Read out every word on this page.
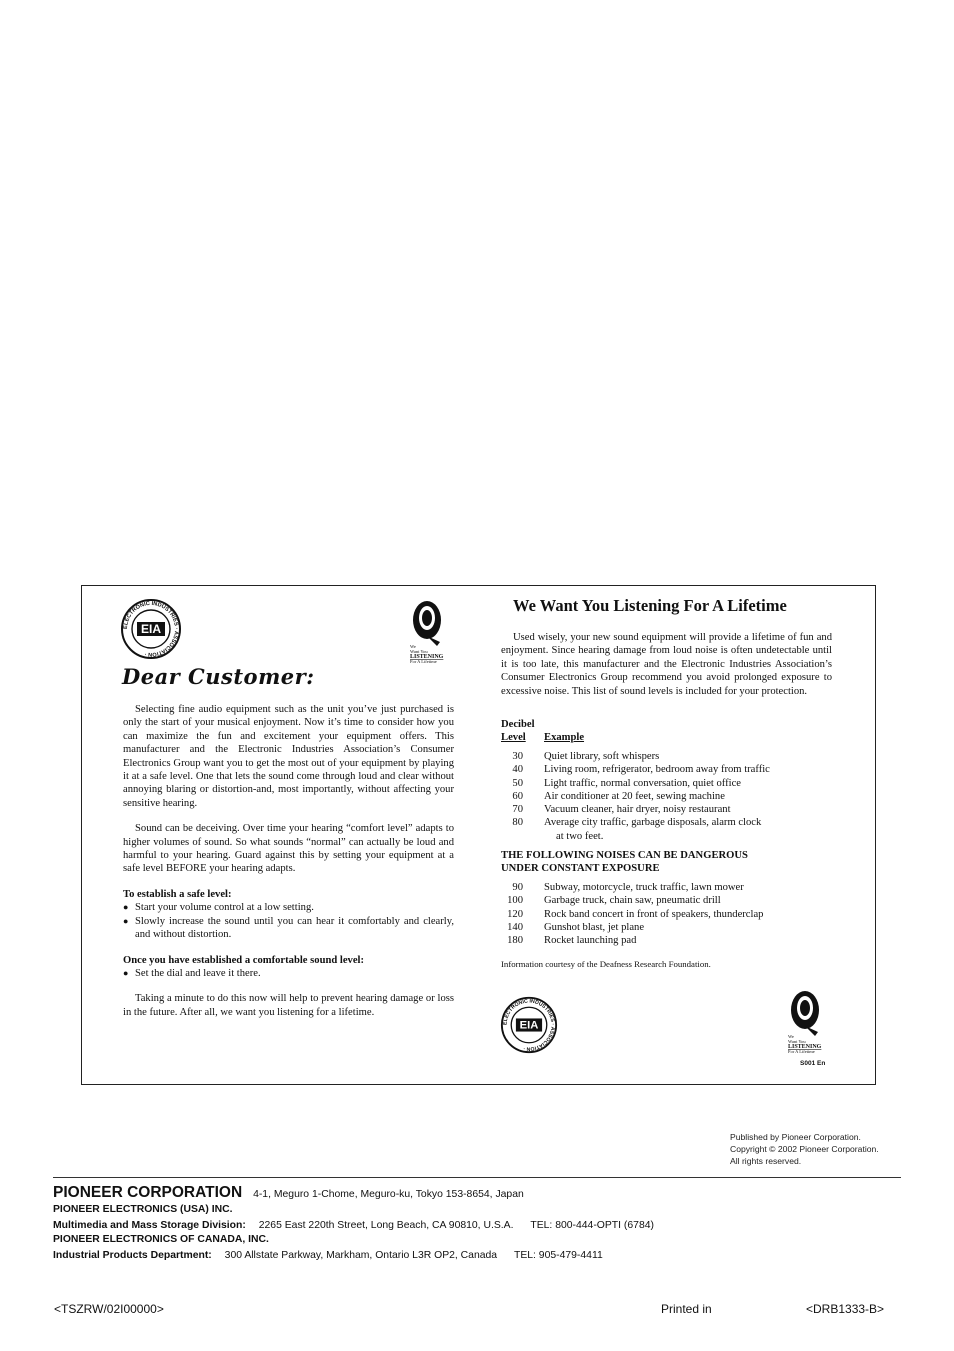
ELECTRONIC INDUSTRIES · ASSOCIATION ·
EIA
We
Want You
LISTENING
For A Lifetime
Dear Customer:

Selecting fine audio equipment such as the unit you’ve just purchased is only the start of your musical enjoyment. Now it’s time to consider how you can maximize the fun and excitement your equipment offers. This manufacturer and the Electronic Industries Association’s Consumer Electronics Group want you to get the most out of your equipment by playing it at a safe level. One that lets the sound come through loud and clear without annoying blaring or distortion-and, most importantly, without affecting your sensitive hearing.

Sound can be deceiving. Over time your hearing “comfort level” adapts to higher volumes of sound. So what sounds “normal” can actually be loud and harmful to your hearing. Guard against this by setting your equipment at a safe level BEFORE your hearing adapts.

To establish a safe level:

● Start your volume control at a low setting.
● Slowly increase the sound until you can hear it comfortably and clearly, and without distortion.

Once you have established a comfortable sound level:

● Set the dial and leave it there.

Taking a minute to do this now will help to prevent hearing damage or loss in the future. After all, we want you listening for a lifetime.

We Want You Listening For A Lifetime

Used wisely, your new sound equipment will provide a lifetime of fun and enjoyment. Since hearing damage from loud noise is often undetectable until it is too late, this manufacturer and the Electronic Industries Association’s Consumer Electronics Group recommend you avoid prolonged exposure to excessive noise. This list of sound levels is included for your protection.

Decibel
Level Example
30 Quiet library, soft whispers
40 Living room, refrigerator, bedroom away from traffic
50 Light traffic, normal conversation, quiet office
60 Air conditioner at 20 feet, sewing machine
70 Vacuum cleaner, hair dryer, noisy restaurant
80 Average city traffic, garbage disposals, alarm clock
at two feet.
THE FOLLOWING NOISES CAN BE DANGEROUS
UNDER CONSTANT EXPOSURE
90 Subway, motorcycle, truck traffic, lawn mower
100 Garbage truck, chain saw, pneumatic drill
120 Rock band concert in front of speakers, thunderclap
140 Gunshot blast, jet plane
180 Rocket launching pad
Information courtesy of the Deafness Research Foundation.
ELECTRONIC INDUSTRIES · ASSOCIATION ·
EIA
We
Want You
LISTENING
For A Lifetime
S001 En
Published by Pioneer Corporation.
Copyright © 2002 Pioneer Corporation.
All rights reserved.
PIONEER CORPORATION 4-1, Meguro 1-Chome, Meguro-ku, Tokyo 153-8654, Japan
PIONEER ELECTRONICS (USA) INC.
Multimedia and Mass Storage Division: 2265 East 220th Street, Long Beach, CA 90810, U.S.A. TEL: 800-444-OPTI (6784)
PIONEER ELECTRONICS OF CANADA, INC.
Industrial Products Department: 300 Allstate Parkway, Markham, Ontario L3R OP2, Canada TEL: 905-479-4411
<TSZRW/02I00000>	Printed in	<DRB1333-B>
